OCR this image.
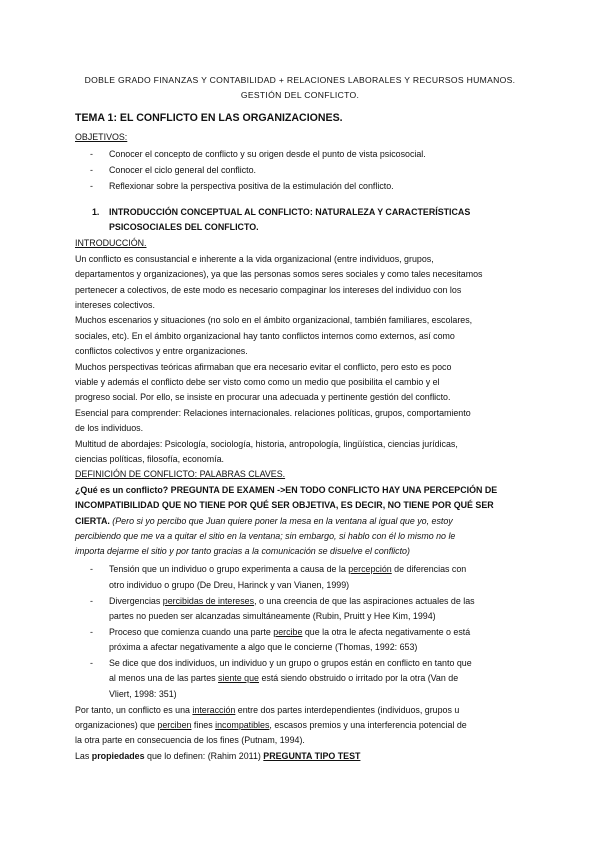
DOBLE GRADO FINANZAS Y CONTABILIDAD + RELACIONES LABORALES Y RECURSOS HUMANOS.
GESTIÓN DEL CONFLICTO.
TEMA 1: EL CONFLICTO EN LAS ORGANIZACIONES.
OBJETIVOS:
- Conocer el concepto de conflicto y su origen desde el punto de vista psicosocial.
- Conocer el ciclo general del conflicto.
- Reflexionar sobre la perspectiva positiva de la estimulación del conflicto.
1. INTRODUCCIÓN CONCEPTUAL AL CONFLICTO: NATURALEZA Y CARACTERÍSTICAS
PSICOSOCIALES DEL CONFLICTO.
INTRODUCCIÓN.
Un conflicto es consustancial e inherente a la vida organizacional (entre individuos, grupos,
departamentos y organizaciones), ya que las personas somos seres sociales y como tales necesitamos
pertenecer a colectivos, de este modo es necesario compaginar los intereses del individuo con los
intereses colectivos.
Muchos escenarios y situaciones (no solo en el ámbito organizacional, también familiares, escolares,
sociales, etc). En el ámbito organizacional hay tanto conflictos internos como externos, así como
conflictos colectivos y entre organizaciones.
Muchos perspectivas teóricas afirmaban que era necesario evitar el conflicto, pero esto es poco
viable y además el conflicto debe ser visto como como un medio que posibilita el cambio y el
progreso social. Por ello, se insiste en procurar una adecuada y pertinente gestión del conflicto.
Esencial para comprender: Relaciones internacionales. relaciones políticas, grupos, comportamiento
de los individuos.
Multitud de abordajes: Psicología, sociología, historia, antropología, lingüística, ciencias jurídicas,
ciencias políticas, filosofía, economía.
DEFINICIÓN DE CONFLICTO: PALABRAS CLAVES.
¿Qué es un conflicto? PREGUNTA DE EXAMEN ->EN TODO CONFLICTO HAY UNA PERCEPCIÓN DE
INCOMPATIBILIDAD QUE NO TIENE POR QUÉ SER OBJETIVA, ES DECIR, NO TIENE POR QUÉ SER
CIERTA. (Pero si yo percibo que Juan quiere poner la mesa en la ventana al igual que yo, estoy
percibiendo que me va a quitar el sitio en la ventana; sin embargo, si hablo con él lo mismo no le
importa dejarme el sitio y por tanto gracias a la comunicación se disuelve el conflicto)
- Tensión que un individuo o grupo experimenta a causa de la percepción de diferencias con
otro individuo o grupo (De Dreu, Harinck y van Vianen, 1999)
- Divergencias percibidas de intereses, o una creencia de que las aspiraciones actuales de las
partes no pueden ser alcanzadas simultáneamente (Rubin, Pruitt y Hee Kim, 1994)
- Proceso que comienza cuando una parte percibe que la otra le afecta negativamente o está
próxima a afectar negativamente a algo que le concierne (Thomas, 1992: 653)
- Se dice que dos individuos, un individuo y un grupo o grupos están en conflicto en tanto que
al menos una de las partes siente que está siendo obstruido o irritado por la otra (Van de
Vliert, 1998: 351)
Por tanto, un conflicto es una interacción entre dos partes interdependientes (individuos, grupos u
organizaciones) que perciben fines incompatibles, escasos premios y una interferencia potencial de
la otra parte en consecuencia de los fines (Putnam, 1994).
Las propiedades que lo definen: (Rahim 2011) PREGUNTA TIPO TEST
